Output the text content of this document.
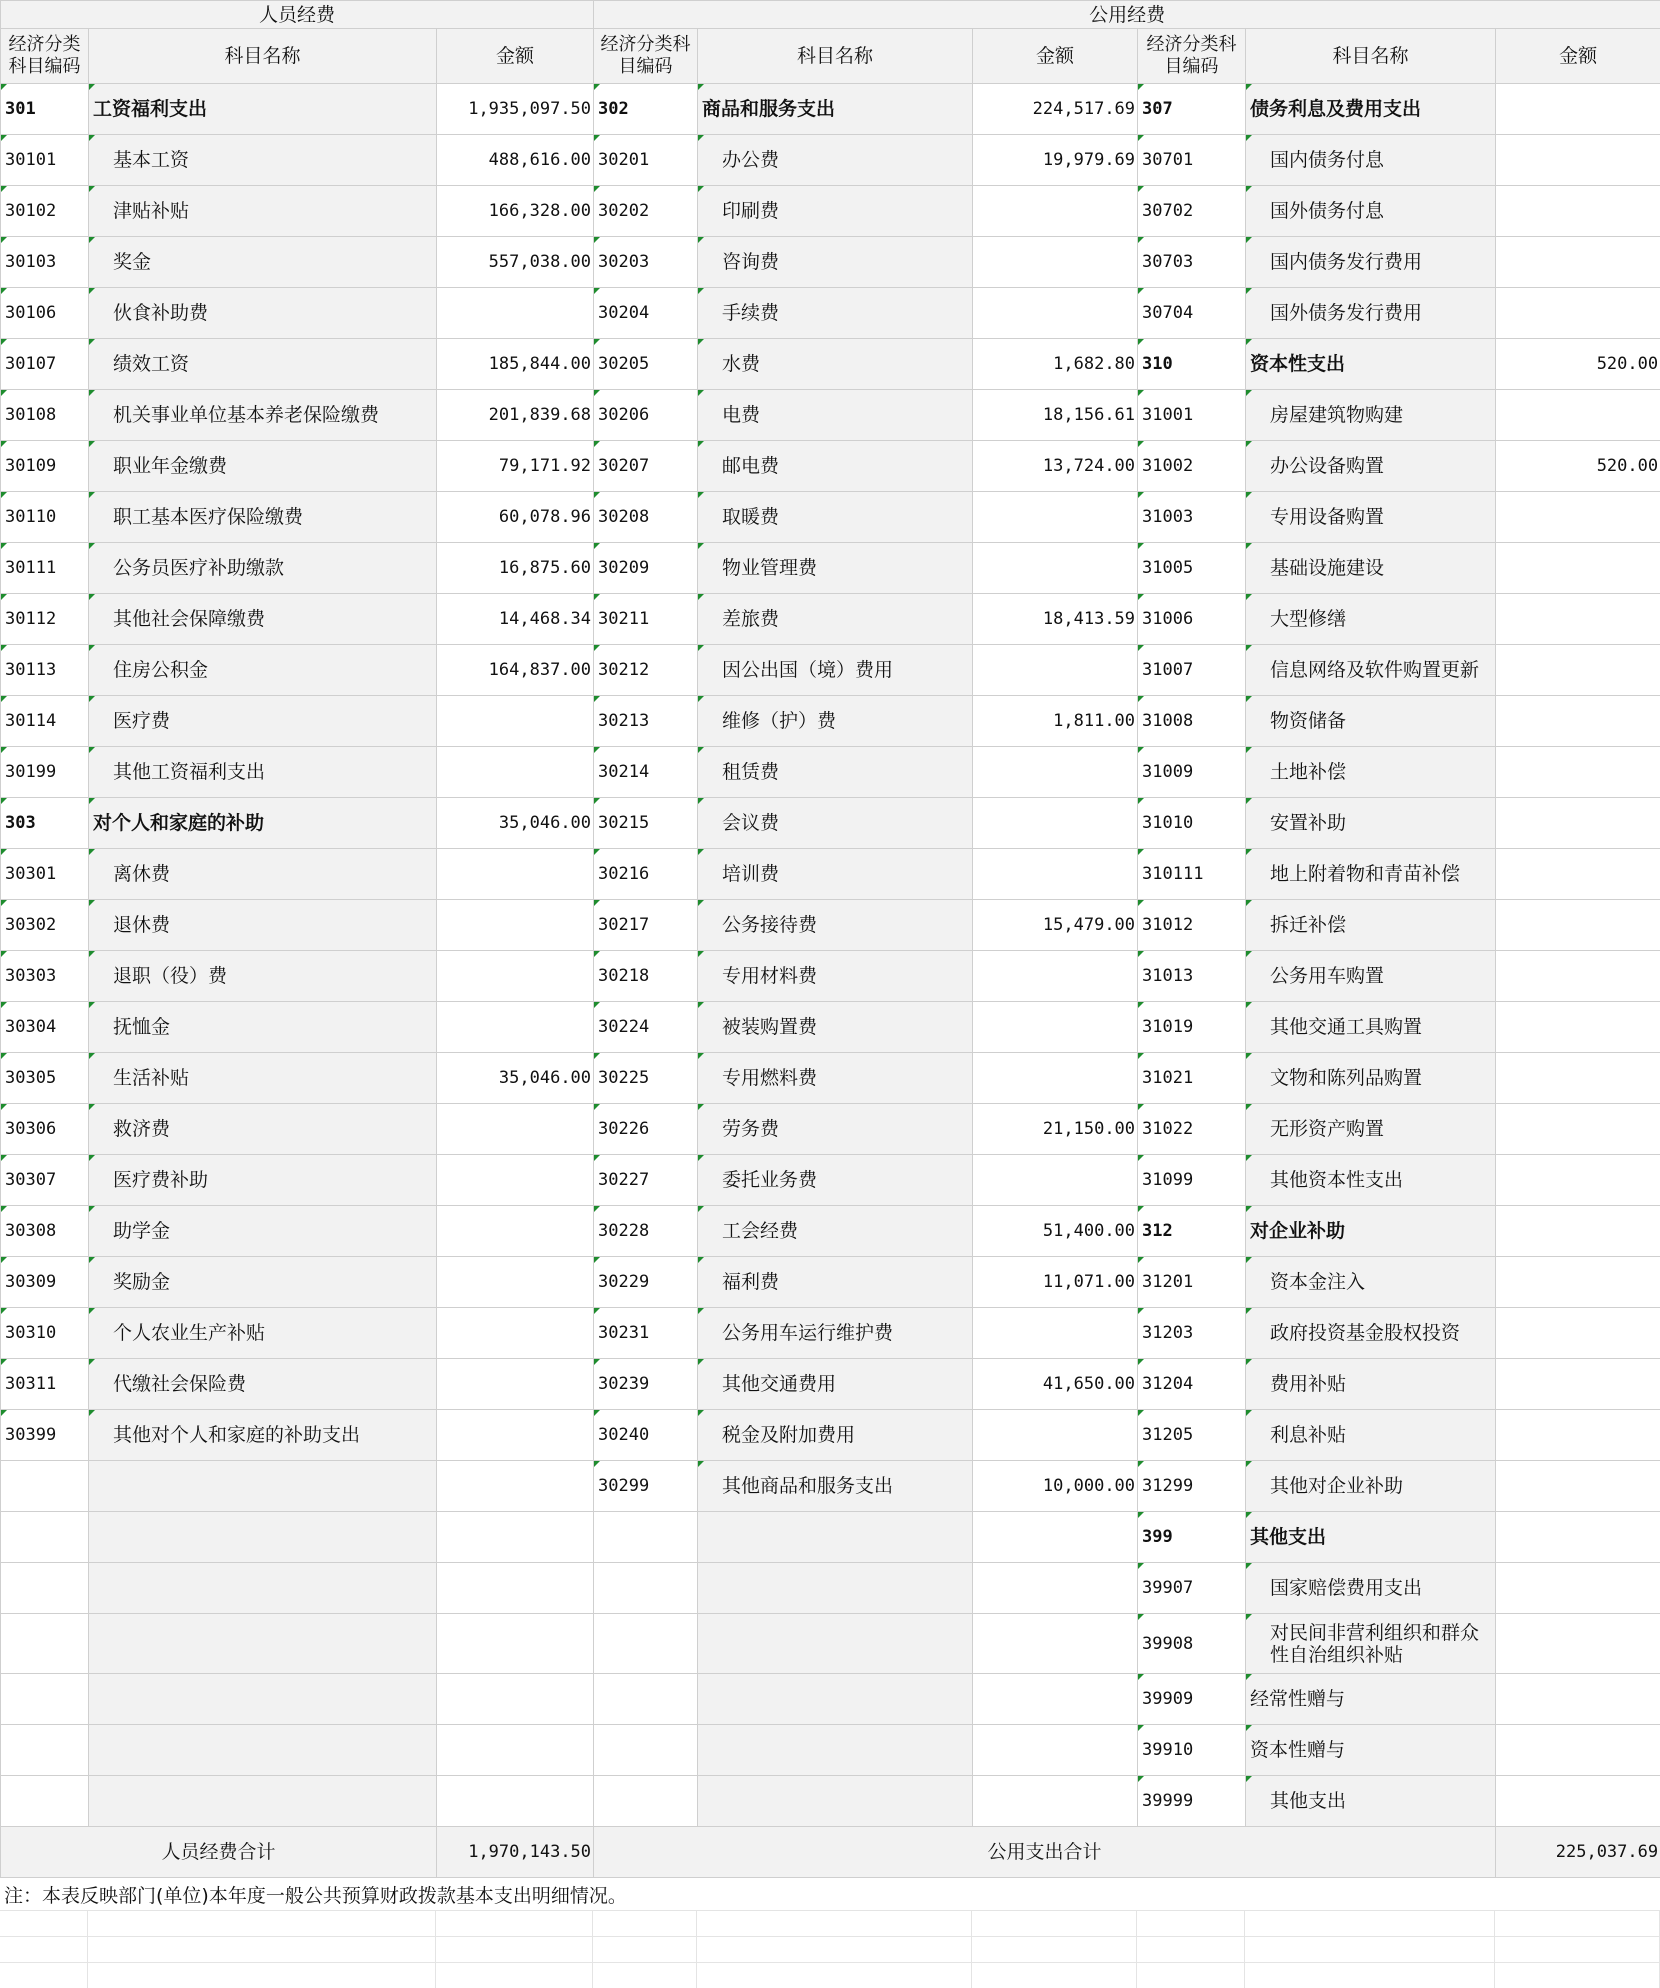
人员经费			公用经费					
经济分类科目编码	科目名称	金额	经济分类科目编码	科目名称	金额	经济分类科目编码	科目名称	金额
301	工资福利支出	1,935,097.50	302	商品和服务支出	224,517.69	307	债务利息及费用支出	
30101	基本工资	488,616.00	30201	办公费	19,979.69	30701	国内债务付息	
30102	津贴补贴	166,328.00	30202	印刷费		30702	国外债务付息	
30103	奖金	557,038.00	30203	咨询费		30703	国内债务发行费用	
30106	伙食补助费		30204	手续费		30704	国外债务发行费用	
30107	绩效工资	185,844.00	30205	水费	1,682.80	310	资本性支出	520.00
30108	机关事业单位基本养老保险缴费	201,839.68	30206	电费	18,156.61	31001	房屋建筑物购建	
30109	职业年金缴费	79,171.92	30207	邮电费	13,724.00	31002	办公设备购置	520.00
30110	职工基本医疗保险缴费	60,078.96	30208	取暖费		31003	专用设备购置	
30111	公务员医疗补助缴款	16,875.60	30209	物业管理费		31005	基础设施建设	
30112	其他社会保障缴费	14,468.34	30211	差旅费	18,413.59	31006	大型修缮	
30113	住房公积金	164,837.00	30212	因公出国（境）费用		31007	信息网络及软件购置更新	
30114	医疗费		30213	维修（护）费	1,811.00	31008	物资储备	
30199	其他工资福利支出		30214	租赁费		31009	土地补偿	
303	对个人和家庭的补助	35,046.00	30215	会议费		31010	安置补助	
30301	离休费		30216	培训费		310111	地上附着物和青苗补偿	
30302	退休费		30217	公务接待费	15,479.00	31012	拆迁补偿	
30303	退职（役）费		30218	专用材料费		31013	公务用车购置	
30304	抚恤金		30224	被装购置费		31019	其他交通工具购置	
30305	生活补贴	35,046.00	30225	专用燃料费		31021	文物和陈列品购置	
30306	救济费		30226	劳务费	21,150.00	31022	无形资产购置	
30307	医疗费补助		30227	委托业务费		31099	其他资本性支出	
30308	助学金		30228	工会经费	51,400.00	312	对企业补助	
30309	奖励金		30229	福利费	11,071.00	31201	资本金注入	
30310	个人农业生产补贴		30231	公务用车运行维护费		31203	政府投资基金股权投资	
30311	代缴社会保险费		30239	其他交通费用	41,650.00	31204	费用补贴	
30399	其他对个人和家庭的补助支出		30240	税金及附加费用		31205	利息补贴	
			30299	其他商品和服务支出	10,000.00	31299	其他对企业补助	
						399	其他支出	
						39907	国家赔偿费用支出	
						39908	对民间非营利组织和群众性自治组织补贴	
						39909	经常性赠与	
						39910	资本性赠与	
						39999	其他支出	
人员经费合计		1,970,143.50	公用支出合计					225,037.69
注：本表反映部门(单位)本年度一般公共预算财政拨款基本支出明细情况。
